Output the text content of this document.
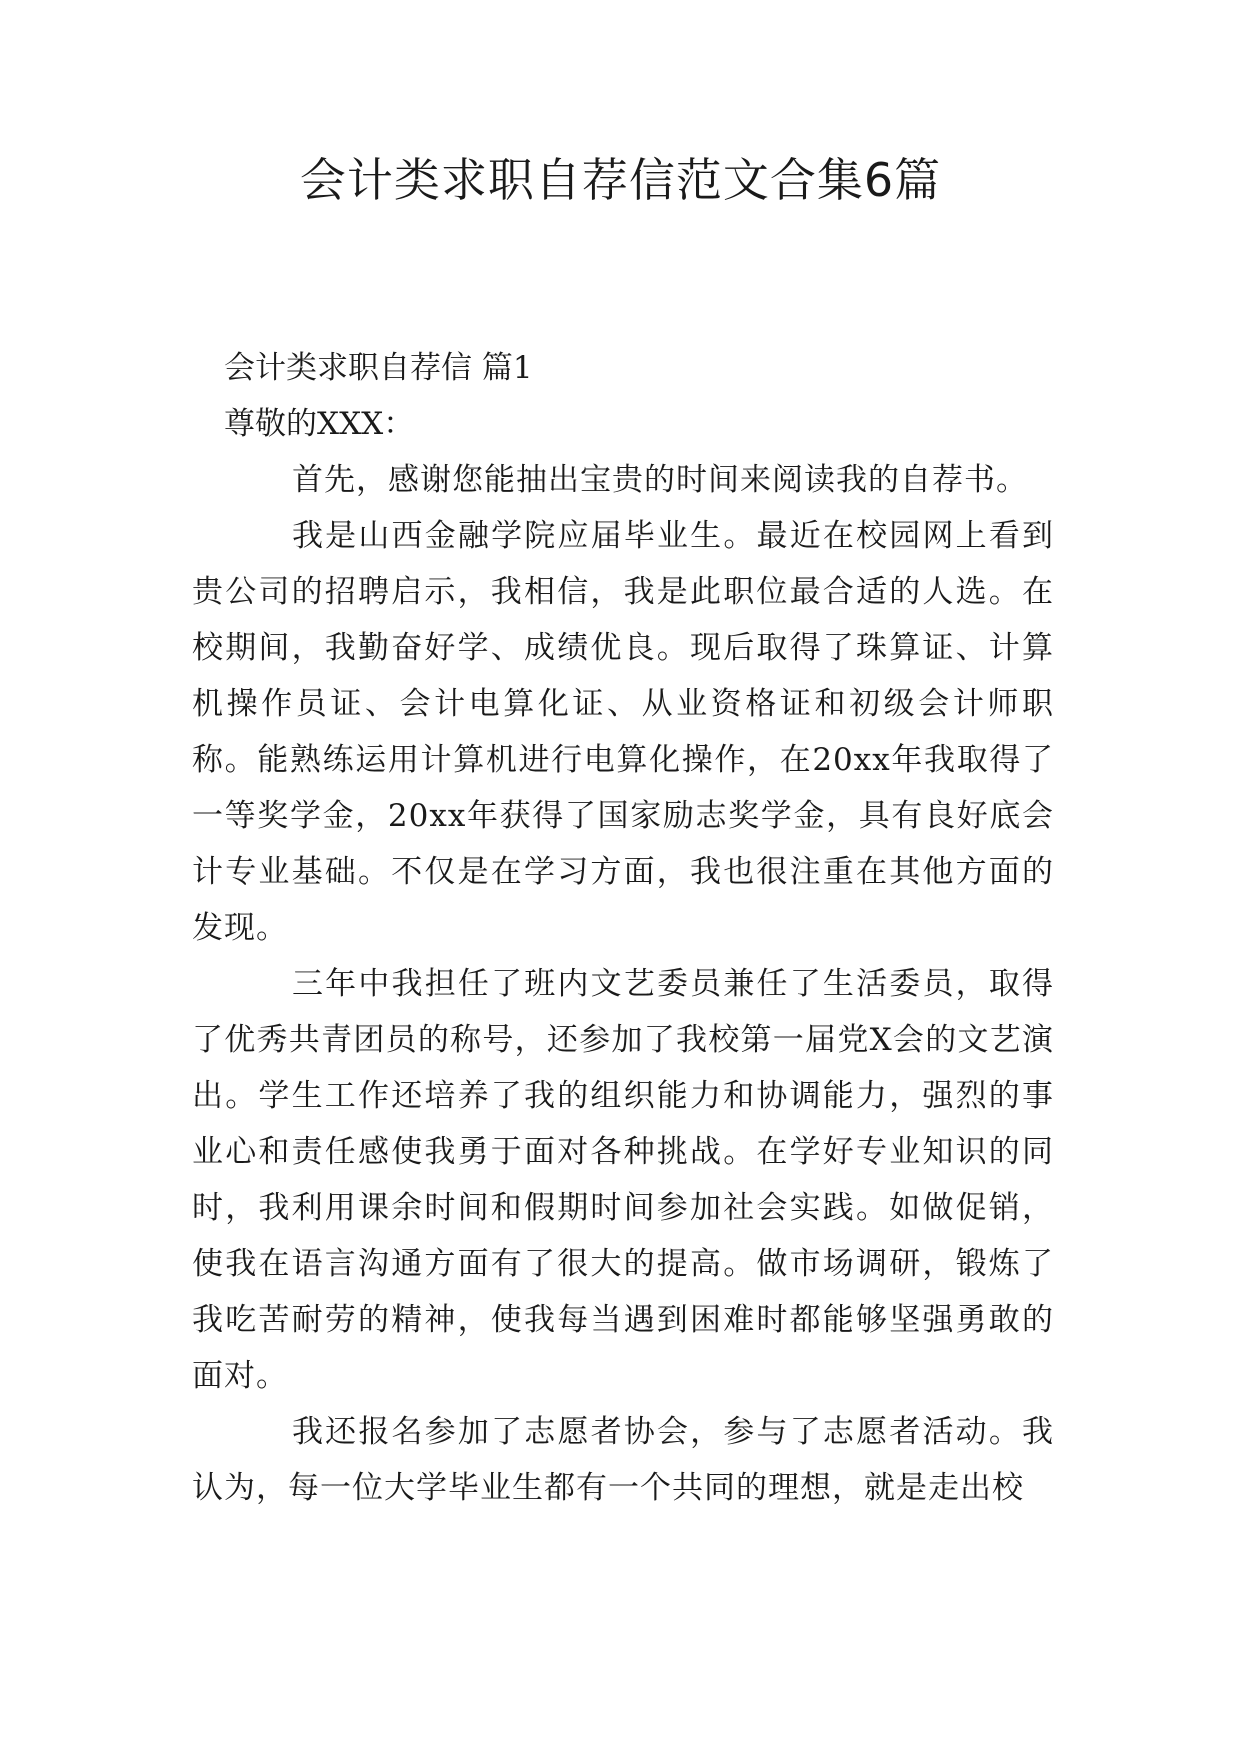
会计类求职自荐信范文合集6篇

会计类求职自荐信 篇1

尊敬的XXX：

首先，感谢您能抽出宝贵的时间来阅读我的自荐书。

我是山西金融学院应届毕业生。最近在校园网上看到贵公司的招聘启示，我相信，我是此职位最合适的人选。在校期间，我勤奋好学、成绩优良。现后取得了珠算证、计算机操作员证、会计电算化证、从业资格证和初级会计师职称。能熟练运用计算机进行电算化操作，在20xx年我取得了一等奖学金，20xx年获得了国家励志奖学金，具有良好底会计专业基础。不仅是在学习方面，我也很注重在其他方面的发现。

三年中我担任了班内文艺委员兼任了生活委员，取得了优秀共青团员的称号，还参加了我校第一届党X会的文艺演出。学生工作还培养了我的组织能力和协调能力，强烈的事业心和责任感使我勇于面对各种挑战。在学好专业知识的同时，我利用课余时间和假期时间参加社会实践。如做促销，使我在语言沟通方面有了很大的提高。做市场调研，锻炼了我吃苦耐劳的精神，使我每当遇到困难时都能够坚强勇敢的面对。

我还报名参加了志愿者协会，参与了志愿者活动。我认为，每一位大学毕业生都有一个共同的理想，就是走出校
